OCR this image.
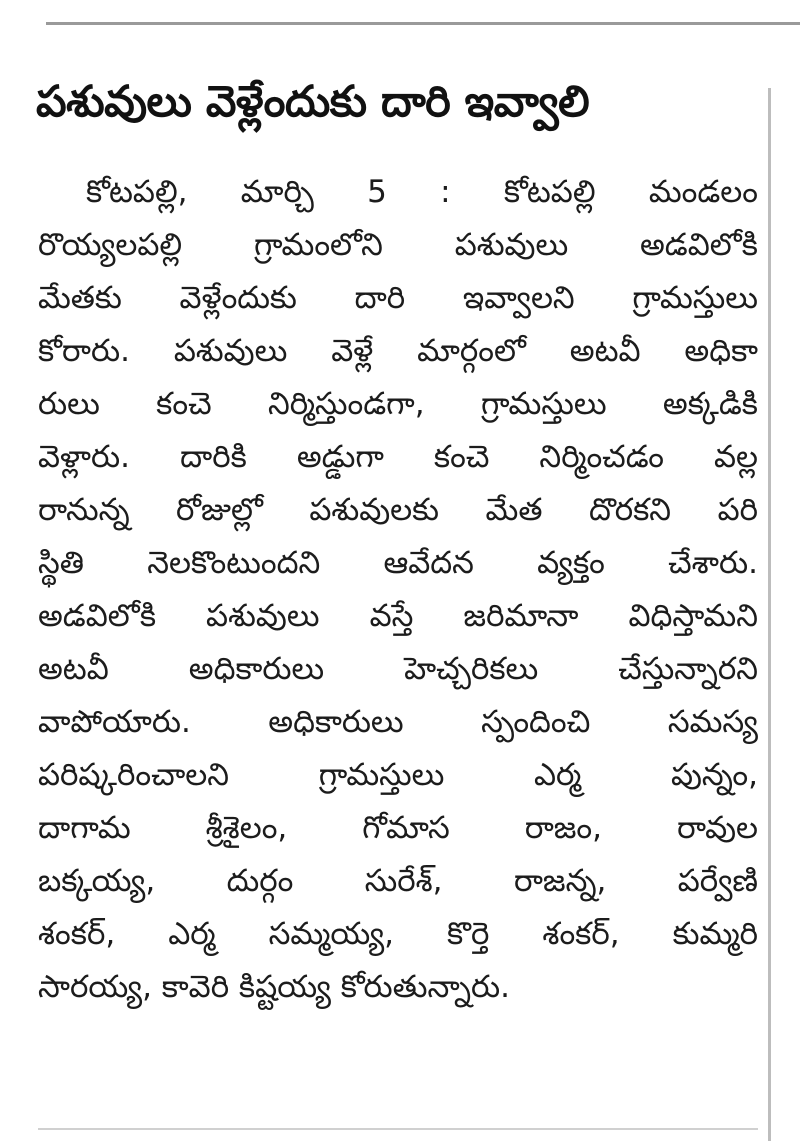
పశువులు వెళ్లేందుకు దారి ఇవ్వాలి
కోటపల్లి, మార్చి 5 : కోటపల్లి మండలం
రొయ్యలపల్లి గ్రామంలోని పశువులు అడవిలోకి
మేతకు వెళ్లేందుకు దారి ఇవ్వాలని గ్రామస్తులు
కోరారు. పశువులు వెళ్లే మార్గంలో అటవీ అధికా
రులు కంచె నిర్మిస్తుండగా, గ్రామస్తులు అక్కడికి
వెళ్లారు. దారికి అడ్డుగా కంచె నిర్మించడం వల్ల
రానున్న రోజుల్లో పశువులకు మేత దొరకని పరి
స్థితి నెలకొంటుందని ఆవేదన వ్యక్తం చేశారు.
అడవిలోకి పశువులు వస్తే జరిమానా విధిస్తామని
అటవీ అధికారులు హెచ్చరికలు చేస్తున్నారని
వాపోయారు. అధికారులు స్పందించి సమస్య
పరిష్కరించాలని గ్రామస్తులు ఎర్మ పున్నం,
దాగామ శ్రీశైలం, గోమాస రాజం, రావుల
బక్కయ్య, దుర్గం సురేశ్, రాజన్న, పర్వేణి
శంకర్, ఎర్మ సమ్మయ్య, కొర్తె శంకర్, కుమ్మరి
సారయ్య, కావెరి కిష్టయ్య కోరుతున్నారు.
